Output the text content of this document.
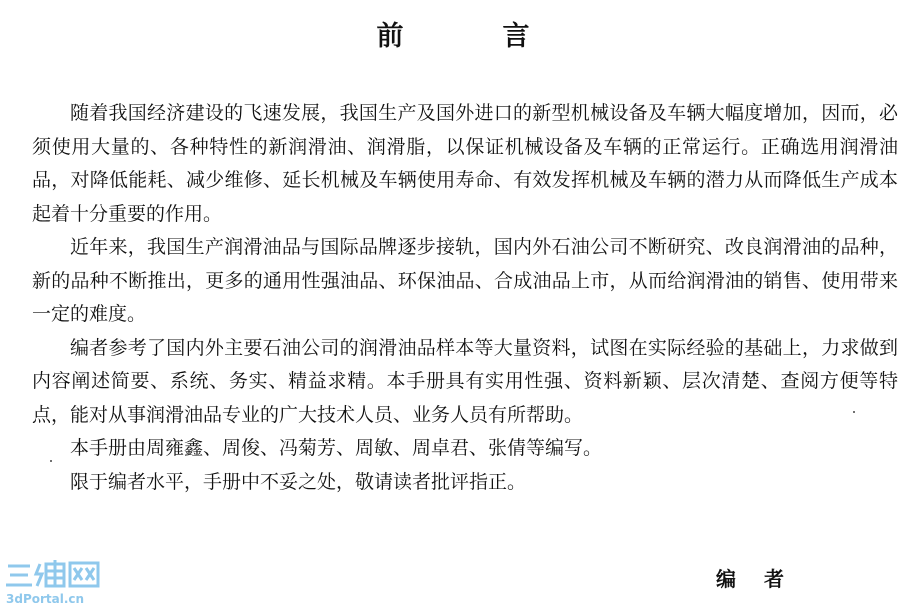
前　言

随着我国经济建设的飞速发展，我国生产及国外进口的新型机械设备及车辆大幅度增加，因而，必须使用大量的、各种特性的新润滑油、润滑脂，以保证机械设备及车辆的正常运行。正确选用润滑油品，对降低能耗、减少维修、延长机械及车辆使用寿命、有效发挥机械及车辆的潜力从而降低生产成本起着十分重要的作用。

近年来，我国生产润滑油品与国际品牌逐步接轨，国内外石油公司不断研究、改良润滑油的品种，新的品种不断推出，更多的通用性强油品、环保油品、合成油品上市，从而给润滑油的销售、使用带来一定的难度。

编者参考了国内外主要石油公司的润滑油品样本等大量资料，试图在实际经验的基础上，力求做到内容阐述简要、系统、务实、精益求精。本手册具有实用性强、资料新颖、层次清楚、查阅方便等特点，能对从事润滑油品专业的广大技术人员、业务人员有所帮助。

本手册由周雍鑫、周俊、冯菊芳、周敏、周卓君、张倩等编写。

限于编者水平，手册中不妥之处，敬请读者批评指正。

编者
3dPortal.cn
